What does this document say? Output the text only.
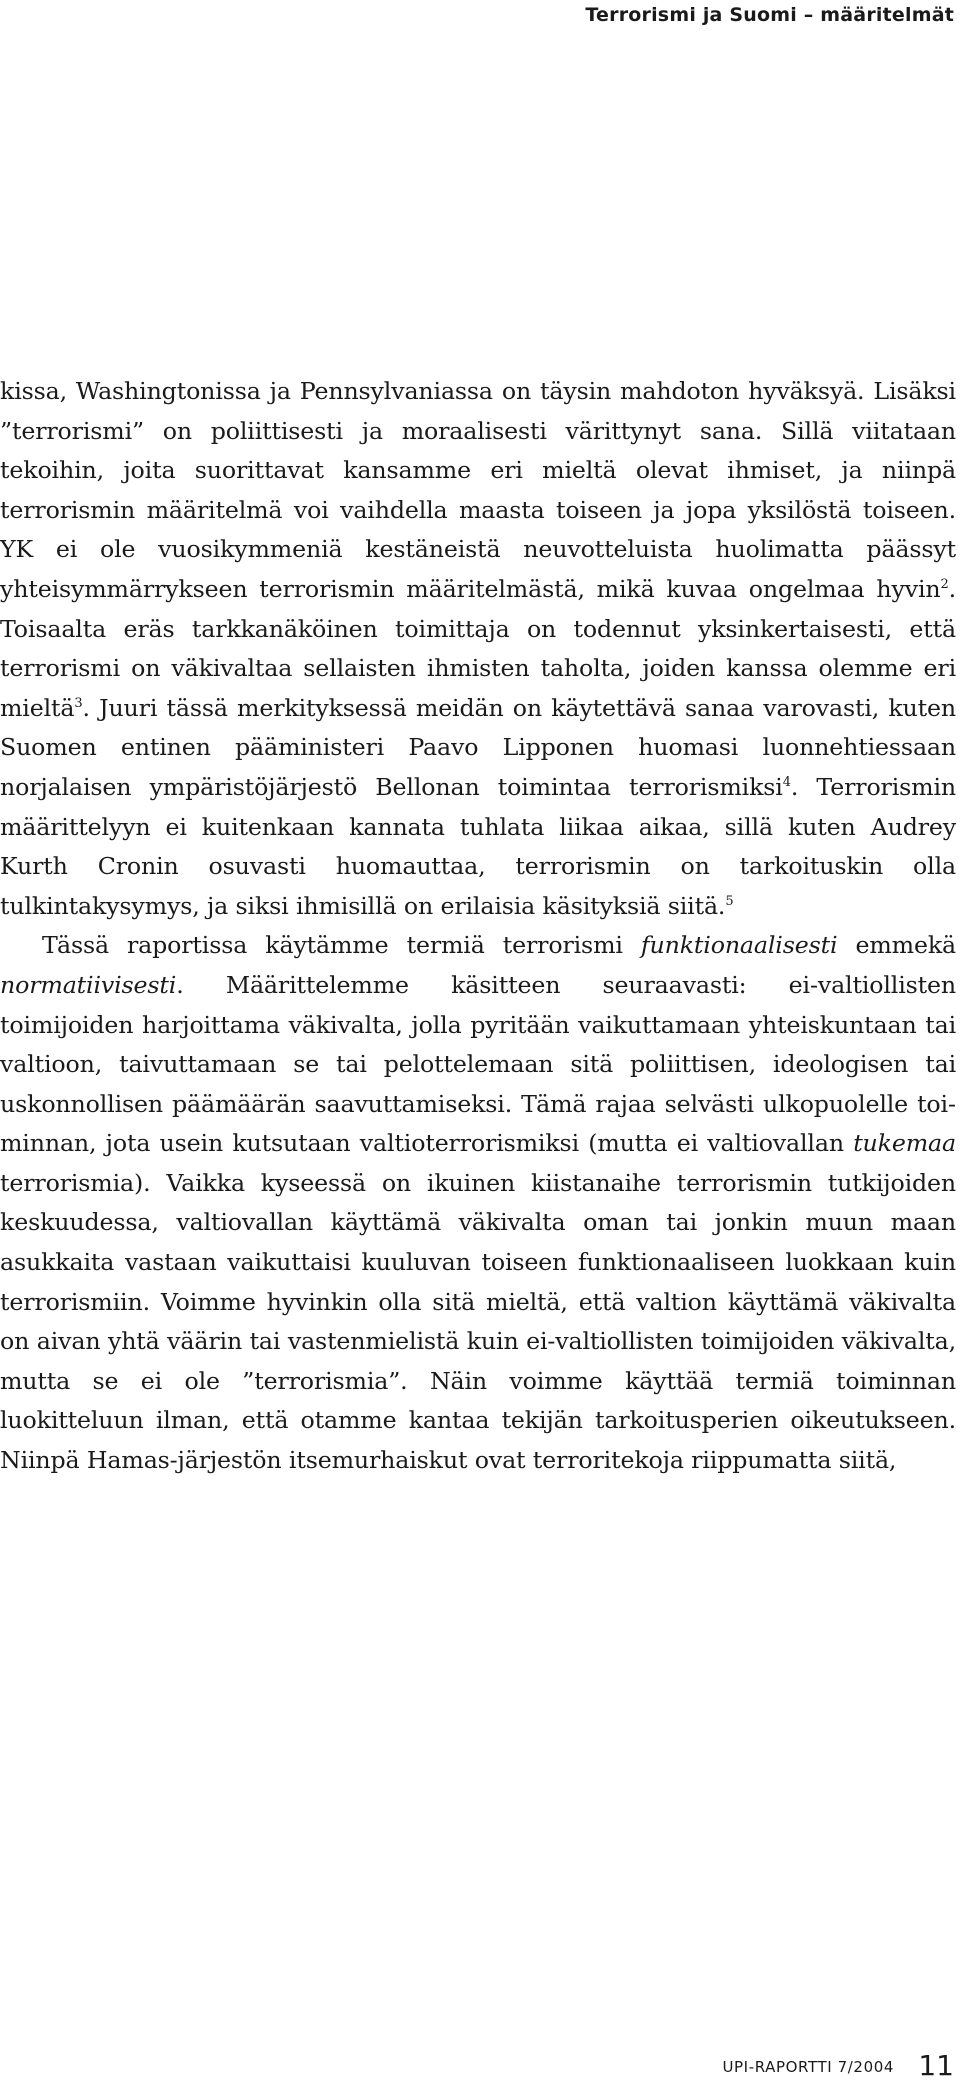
Terrorismi ja Suomi – määritelmät

kissa, Washingtonissa ja Pennsylvaniassa on täysin mahdoton hyväksyä. Lisäksi ”terrorismi” on poliittisesti ja moraalisesti värittynyt sana. Sillä viitataan tekoihin, joita suorittavat kansamme eri mieltä olevat ihmiset, ja niinpä terrorismin määritelmä voi vaihdella maasta toiseen ja jopa yksilöstä toiseen. YK ei ole vuosikymmeniä kestäneistä neuvotteluista huolimatta päässyt yhteisymmärrykseen terrorismin määritelmästä, mikä kuvaa ongelmaa hyvin$^2$. Toisaalta eräs tarkkanäköinen toimittaja on todennut yksinkertaisesti, että terrorismi on väkivaltaa sellaisten ihmisten taholta, joiden kanssa olemme eri mieltä$^3$. Juuri tässä merkityksessä meidän on käytettävä sanaa varovasti, kuten Suomen entinen pääministeri Paavo Lipponen huomasi luonnehtiessaan norjalaisen ympäristöjärjestö Bellonan toimintaa terrorismiksi$^4$. Terrorismin määrittelyyn ei kuitenkaan kannata tuhlata liikaa aikaa, sillä kuten Audrey Kurth Cronin osuvasti huomauttaa, terrorismin on tarkoituskin olla tulkintakysymys, ja siksi ihmisillä on erilaisia käsityksiä siitä.$^5$

Tässä raportissa käytämme termiä terrorismi funktionaalisesti emmekä normatiivisesti. Määrittelemme käsitteen seuraavasti: ei-valtiollisten toimijoiden harjoittama väkivalta, jolla pyritään vaikuttamaan yhteiskuntaan tai valtioon, taivuttamaan se tai pelottelemaan sitä poliittisen, ideologisen tai uskonnollisen päämäärän saavuttamiseksi. Tämä rajaa selvästi ulkopuolelle toiminnan, jota usein kutsutaan valtioterrorismiksi (mutta ei valtiovallan tukemaa terrorismia). Vaikka kyseessä on ikuinen kiistanaihe terrorismin tutkijoiden keskuudessa, valtiovallan käyttämä väkivalta oman tai jonkin muun maan asukkaita vastaan vaikuttaisi kuuluvan toiseen funktionaaliseen luokkaan kuin terrorismiin. Voimme hyvinkin olla sitä mieltä, että valtion käyttämä väkivalta on aivan yhtä väärin tai vastenmielistä kuin ei-valtiollisten toimijoiden väkivalta, mutta se ei ole ”terrorismia”. Näin voimme käyttää termiä toiminnan luokitteluun ilman, että otamme kantaa tekijän tarkoitusperien oikeutukseen. Niinpä Hamas-järjestön itsemurhaiskut ovat terroritekoja riippumatta siitä,

UPI-RAPORTTI 7/2004 11
